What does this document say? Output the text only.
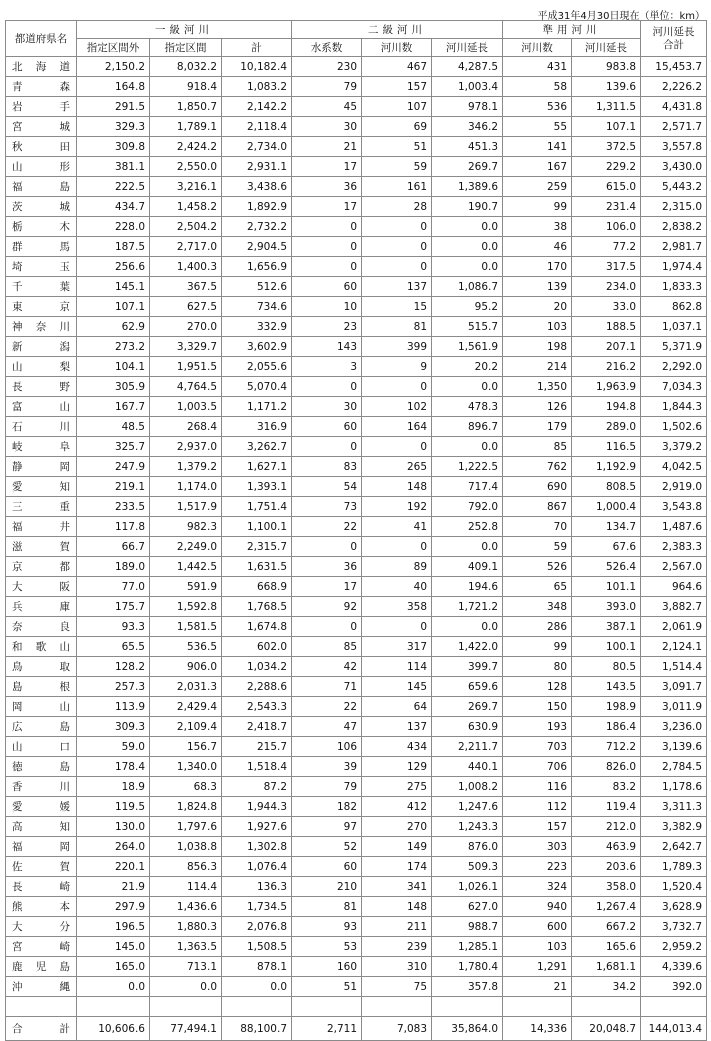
平成31年4月30日現在（単位：km）
都道府県名	一級河川			二級河川			準用河川		河川延長
合計
	指定区間外	指定区間	計	水系数	河川数	河川延長	河川数	河川延長	
北海道	2,150.2	8,032.2	10,182.4	230	467	4,287.5	431	983.8	15,453.7
青森	164.8	918.4	1,083.2	79	157	1,003.4	58	139.6	2,226.2
岩手	291.5	1,850.7	2,142.2	45	107	978.1	536	1,311.5	4,431.8
宮城	329.3	1,789.1	2,118.4	30	69	346.2	55	107.1	2,571.7
秋田	309.8	2,424.2	2,734.0	21	51	451.3	141	372.5	3,557.8
山形	381.1	2,550.0	2,931.1	17	59	269.7	167	229.2	3,430.0
福島	222.5	3,216.1	3,438.6	36	161	1,389.6	259	615.0	5,443.2
茨城	434.7	1,458.2	1,892.9	17	28	190.7	99	231.4	2,315.0
栃木	228.0	2,504.2	2,732.2	0	0	0.0	38	106.0	2,838.2
群馬	187.5	2,717.0	2,904.5	0	0	0.0	46	77.2	2,981.7
埼玉	256.6	1,400.3	1,656.9	0	0	0.0	170	317.5	1,974.4
千葉	145.1	367.5	512.6	60	137	1,086.7	139	234.0	1,833.3
東京	107.1	627.5	734.6	10	15	95.2	20	33.0	862.8
神奈川	62.9	270.0	332.9	23	81	515.7	103	188.5	1,037.1
新潟	273.2	3,329.7	3,602.9	143	399	1,561.9	198	207.1	5,371.9
山梨	104.1	1,951.5	2,055.6	3	9	20.2	214	216.2	2,292.0
長野	305.9	4,764.5	5,070.4	0	0	0.0	1,350	1,963.9	7,034.3
富山	167.7	1,003.5	1,171.2	30	102	478.3	126	194.8	1,844.3
石川	48.5	268.4	316.9	60	164	896.7	179	289.0	1,502.6
岐阜	325.7	2,937.0	3,262.7	0	0	0.0	85	116.5	3,379.2
静岡	247.9	1,379.2	1,627.1	83	265	1,222.5	762	1,192.9	4,042.5
愛知	219.1	1,174.0	1,393.1	54	148	717.4	690	808.5	2,919.0
三重	233.5	1,517.9	1,751.4	73	192	792.0	867	1,000.4	3,543.8
福井	117.8	982.3	1,100.1	22	41	252.8	70	134.7	1,487.6
滋賀	66.7	2,249.0	2,315.7	0	0	0.0	59	67.6	2,383.3
京都	189.0	1,442.5	1,631.5	36	89	409.1	526	526.4	2,567.0
大阪	77.0	591.9	668.9	17	40	194.6	65	101.1	964.6
兵庫	175.7	1,592.8	1,768.5	92	358	1,721.2	348	393.0	3,882.7
奈良	93.3	1,581.5	1,674.8	0	0	0.0	286	387.1	2,061.9
和歌山	65.5	536.5	602.0	85	317	1,422.0	99	100.1	2,124.1
鳥取	128.2	906.0	1,034.2	42	114	399.7	80	80.5	1,514.4
島根	257.3	2,031.3	2,288.6	71	145	659.6	128	143.5	3,091.7
岡山	113.9	2,429.4	2,543.3	22	64	269.7	150	198.9	3,011.9
広島	309.3	2,109.4	2,418.7	47	137	630.9	193	186.4	3,236.0
山口	59.0	156.7	215.7	106	434	2,211.7	703	712.2	3,139.6
徳島	178.4	1,340.0	1,518.4	39	129	440.1	706	826.0	2,784.5
香川	18.9	68.3	87.2	79	275	1,008.2	116	83.2	1,178.6
愛媛	119.5	1,824.8	1,944.3	182	412	1,247.6	112	119.4	3,311.3
高知	130.0	1,797.6	1,927.6	97	270	1,243.3	157	212.0	3,382.9
福岡	264.0	1,038.8	1,302.8	52	149	876.0	303	463.9	2,642.7
佐賀	220.1	856.3	1,076.4	60	174	509.3	223	203.6	1,789.3
長崎	21.9	114.4	136.3	210	341	1,026.1	324	358.0	1,520.4
熊本	297.9	1,436.6	1,734.5	81	148	627.0	940	1,267.4	3,628.9
大分	196.5	1,880.3	2,076.8	93	211	988.7	600	667.2	3,732.7
宮崎	145.0	1,363.5	1,508.5	53	239	1,285.1	103	165.6	2,959.2
鹿児島	165.0	713.1	878.1	160	310	1,780.4	1,291	1,681.1	4,339.6
沖縄	0.0	0.0	0.0	51	75	357.8	21	34.2	392.0

合計	10,606.6	77,494.1	88,100.7	2,711	7,083	35,864.0	14,336	20,048.7	144,013.4
